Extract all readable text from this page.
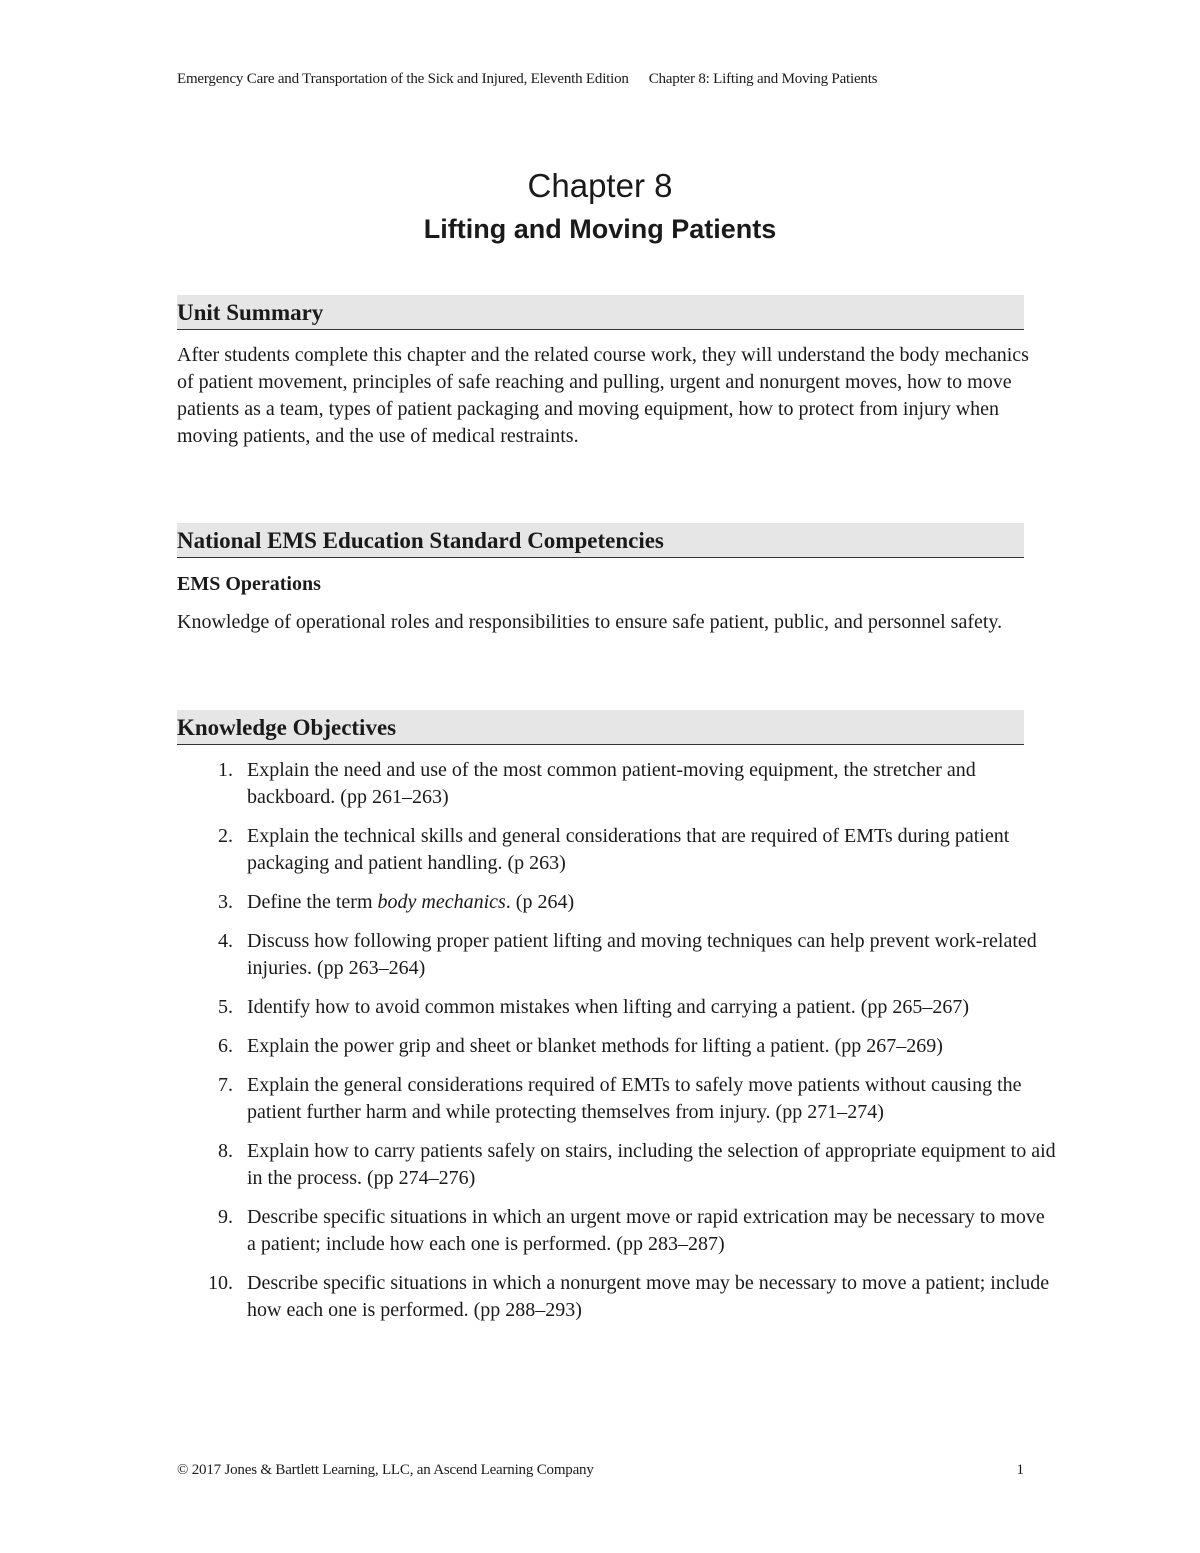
Emergency Care and Transportation of the Sick and Injured, Eleventh Edition Chapter 8: Lifting and Moving Patients
Chapter 8
Lifting and Moving Patients
Unit Summary
After students complete this chapter and the related course work, they will understand the body mechanics of patient movement, principles of safe reaching and pulling, urgent and nonurgent moves, how to move patients as a team, types of patient packaging and moving equipment, how to protect from injury when moving patients, and the use of medical restraints.
National EMS Education Standard Competencies
EMS Operations
Knowledge of operational roles and responsibilities to ensure safe patient, public, and personnel safety.
Knowledge Objectives
1. Explain the need and use of the most common patient-moving equipment, the stretcher and backboard. (pp 261–263)
2. Explain the technical skills and general considerations that are required of EMTs during patient packaging and patient handling. (p 263)
3. Define the term body mechanics. (p 264)
4. Discuss how following proper patient lifting and moving techniques can help prevent work-related injuries. (pp 263–264)
5. Identify how to avoid common mistakes when lifting and carrying a patient. (pp 265–267)
6. Explain the power grip and sheet or blanket methods for lifting a patient. (pp 267–269)
7. Explain the general considerations required of EMTs to safely move patients without causing the patient further harm and while protecting themselves from injury. (pp 271–274)
8. Explain how to carry patients safely on stairs, including the selection of appropriate equipment to aid in the process. (pp 274–276)
9. Describe specific situations in which an urgent move or rapid extrication may be necessary to move a patient; include how each one is performed. (pp 283–287)
10. Describe specific situations in which a nonurgent move may be necessary to move a patient; include how each one is performed. (pp 288–293)
© 2017 Jones & Bartlett Learning, LLC, an Ascend Learning Company	1
